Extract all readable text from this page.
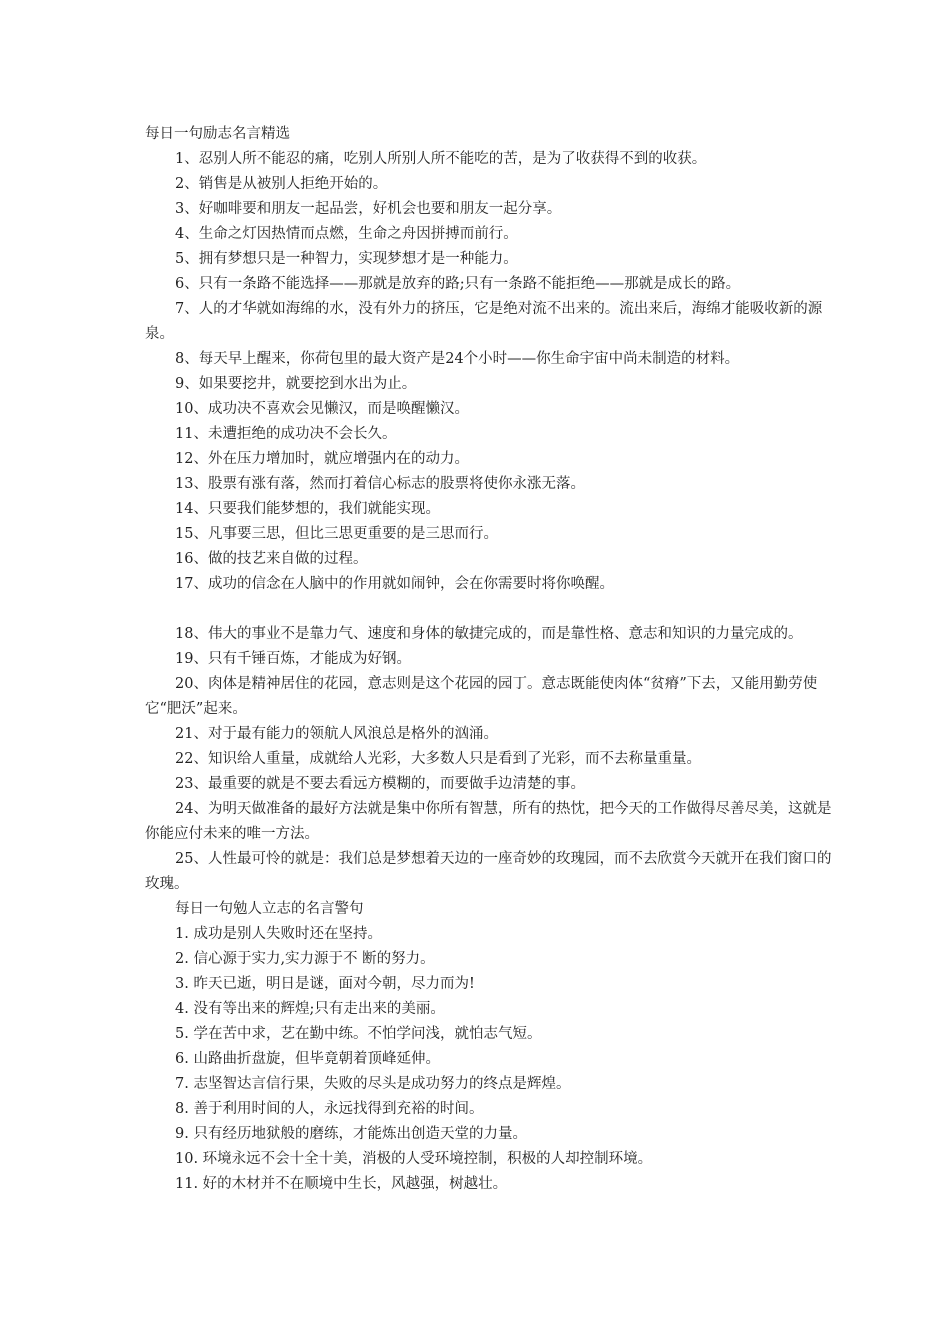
每日一句励志名言精选
1、忍别人所不能忍的痛，吃别人所别人所不能吃的苦，是为了收获得不到的收获。
2、销售是从被别人拒绝开始的。
3、好咖啡要和朋友一起品尝，好机会也要和朋友一起分享。
4、生命之灯因热情而点燃，生命之舟因拼搏而前行。
5、拥有梦想只是一种智力，实现梦想才是一种能力。
6、只有一条路不能选择——那就是放弃的路;只有一条路不能拒绝——那就是成长的路。
7、人的才华就如海绵的水，没有外力的挤压，它是绝对流不出来的。流出来后，海绵才能吸收新的源泉。
8、每天早上醒来，你荷包里的最大资产是24个小时——你生命宇宙中尚未制造的材料。
9、如果要挖井，就要挖到水出为止。
10、成功决不喜欢会见懒汉，而是唤醒懒汉。
11、未遭拒绝的成功决不会长久。
12、外在压力增加时，就应增强内在的动力。
13、股票有涨有落，然而打着信心标志的股票将使你永涨无落。
14、只要我们能梦想的，我们就能实现。
15、凡事要三思，但比三思更重要的是三思而行。
16、做的技艺来自做的过程。
17、成功的信念在人脑中的作用就如闹钟，会在你需要时将你唤醒。
18、伟大的事业不是靠力气、速度和身体的敏捷完成的，而是靠性格、意志和知识的力量完成的。
19、只有千锤百炼，才能成为好钢。
20、肉体是精神居住的花园，意志则是这个花园的园丁。意志既能使肉体“贫瘠”下去，又能用勤劳使它“肥沃”起来。
21、对于最有能力的领航人风浪总是格外的汹涌。
22、知识给人重量，成就给人光彩，大多数人只是看到了光彩，而不去称量重量。
23、最重要的就是不要去看远方模糊的，而要做手边清楚的事。
24、为明天做准备的最好方法就是集中你所有智慧，所有的热忱，把今天的工作做得尽善尽美，这就是你能应付未来的唯一方法。
25、人性最可怜的就是：我们总是梦想着天边的一座奇妙的玫瑰园，而不去欣赏今天就开在我们窗口的玫瑰。
每日一句勉人立志的名言警句
1. 成功是别人失败时还在坚持。
2. 信心源于实力,实力源于不 断的努力。
3. 昨天已逝，明日是谜，面对今朝，尽力而为!
4. 没有等出来的辉煌;只有走出来的美丽。
5. 学在苦中求，艺在勤中练。不怕学问浅，就怕志气短。
6. 山路曲折盘旋，但毕竟朝着顶峰延伸。
7. 志坚智达言信行果，失败的尽头是成功努力的终点是辉煌。
8. 善于利用时间的人，永远找得到充裕的时间。
9. 只有经历地狱般的磨练，才能炼出创造天堂的力量。
10. 环境永远不会十全十美，消极的人受环境控制，积极的人却控制环境。
11. 好的木材并不在顺境中生长，风越强，树越壮。
